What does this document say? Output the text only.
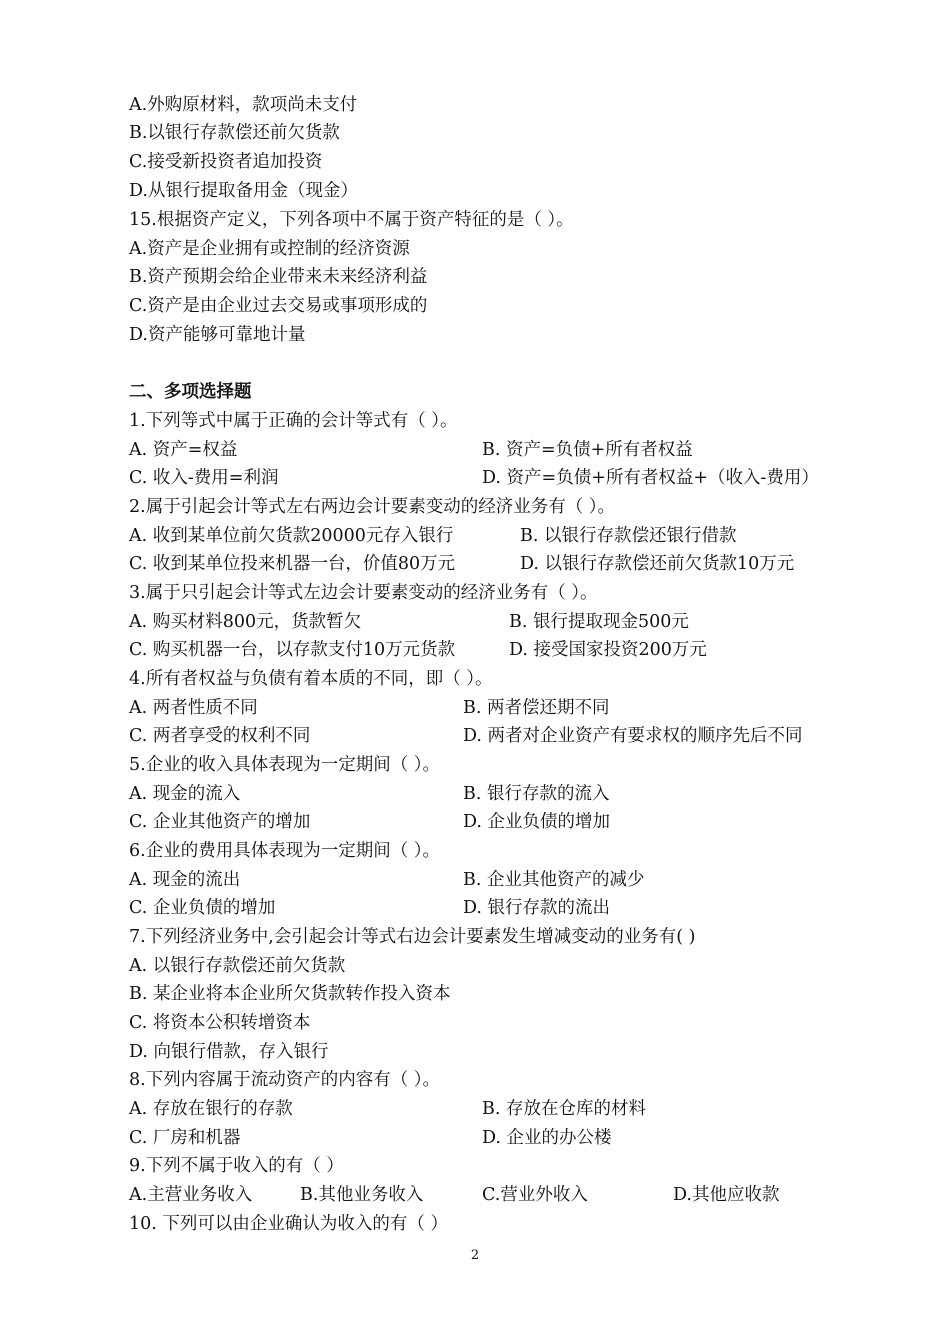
A.外购原材料，款项尚未支付
B.以银行存款偿还前欠货款
C.接受新投资者追加投资
D.从银行提取备用金（现金）
15.根据资产定义，下列各项中不属于资产特征的是（ ）。
A.资产是企业拥有或控制的经济资源
B.资产预期会给企业带来未来经济利益
C.资产是由企业过去交易或事项形成的
D.资产能够可靠地计量
二、多项选择题
1.下列等式中属于正确的会计等式有（ ）。
A. 资产=权益	B. 资产=负债+所有者权益
C. 收入-费用=利润	D. 资产=负债+所有者权益+（收入-费用）
2.属于引起会计等式左右两边会计要素变动的经济业务有（ ）。
A. 收到某单位前欠货款20000元存入银行	B. 以银行存款偿还银行借款
C. 收到某单位投来机器一台，价值80万元	D. 以银行存款偿还前欠货款10万元
3.属于只引起会计等式左边会计要素变动的经济业务有（ ）。
A. 购买材料800元，货款暂欠	B. 银行提取现金500元
C. 购买机器一台，以存款支付10万元货款	D. 接受国家投资200万元
4.所有者权益与负债有着本质的不同，即（ ）。
A. 两者性质不同	B. 两者偿还期不同
C. 两者享受的权利不同	D. 两者对企业资产有要求权的顺序先后不同
5.企业的收入具体表现为一定期间（ ）。
A. 现金的流入	B. 银行存款的流入
C. 企业其他资产的增加	D. 企业负债的增加
6.企业的费用具体表现为一定期间（ ）。
A. 现金的流出	B. 企业其他资产的减少
C. 企业负债的增加	D. 银行存款的流出
7.下列经济业务中,会引起会计等式右边会计要素发生增减变动的业务有( )
A. 以银行存款偿还前欠货款
B. 某企业将本企业所欠货款转作投入资本
C. 将资本公积转增资本
D. 向银行借款，存入银行
8.下列内容属于流动资产的内容有（ ）。
A. 存放在银行的存款	B. 存放在仓库的材料
C. 厂房和机器	D. 企业的办公楼
9.下列不属于收入的有（ ）
A.主营业务收入	B.其他业务收入	C.营业外收入	D.其他应收款
10. 下列可以由企业确认为收入的有（ ）
2
